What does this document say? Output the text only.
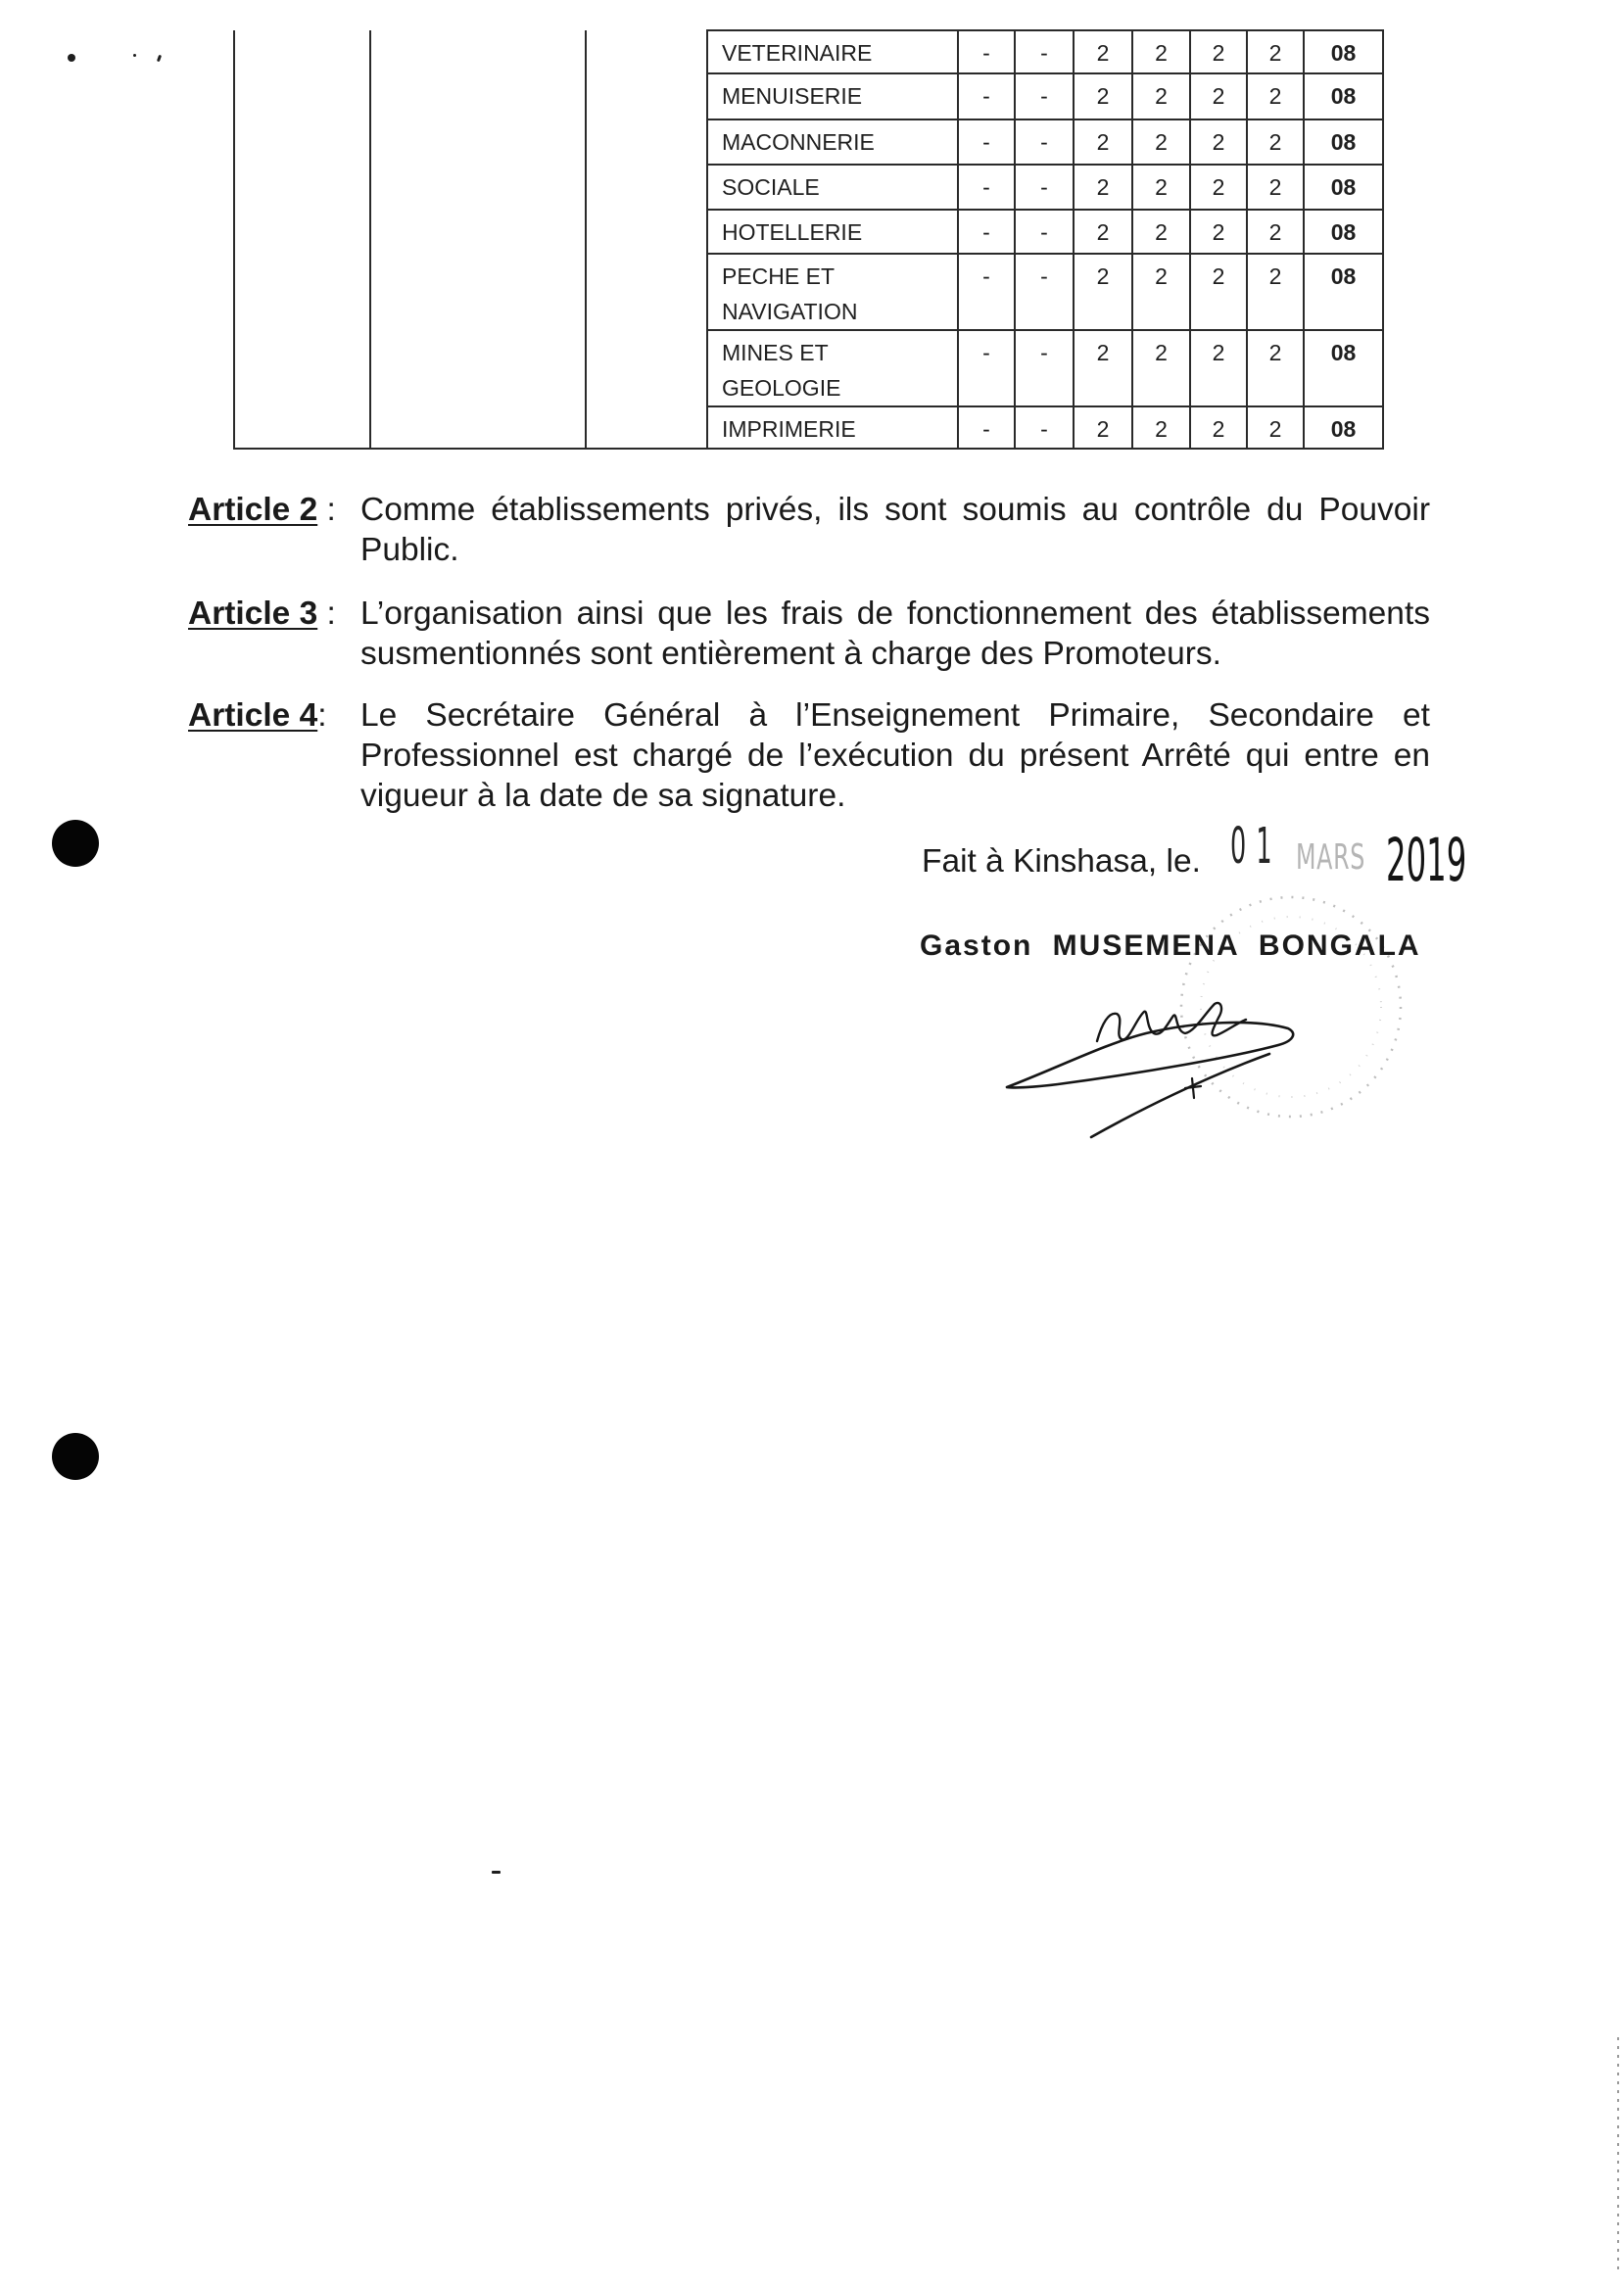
			VETERINAIRE	-	-	2	2	2	2	08

			MENUISERIE	-	-	2	2	2	2	08

			MACONNERIE	-	-	2	2	2	2	08

			SOCIALE	-	-	2	2	2	2	08

			HOTELLERIE	-	-	2	2	2	2	08

			PECHE ET
NAVIGATION	-	-	2	2	2	2	08

			MINES ET
GEOLOGIE	-	-	2	2	2	2	08

			IMPRIMERIE	-	-	2	2	2	2	08
Article 2 : Comme établissements privés, ils sont soumis au contrôle du Pouvoir
Public.
Article 3 : L’organisation ainsi que les frais de fonctionnement des établissements
susmentionnés sont entièrement à charge des Promoteurs.
Article 4: Le Secrétaire Général à l’Enseignement Primaire, Secondaire et
Professionnel est chargé de l’exécution du présent Arrêté qui entre en
vigueur à la date de sa signature.
Fait à Kinshasa, le. 0 1 MARS 2019
Gaston MUSEMENA BONGALA
